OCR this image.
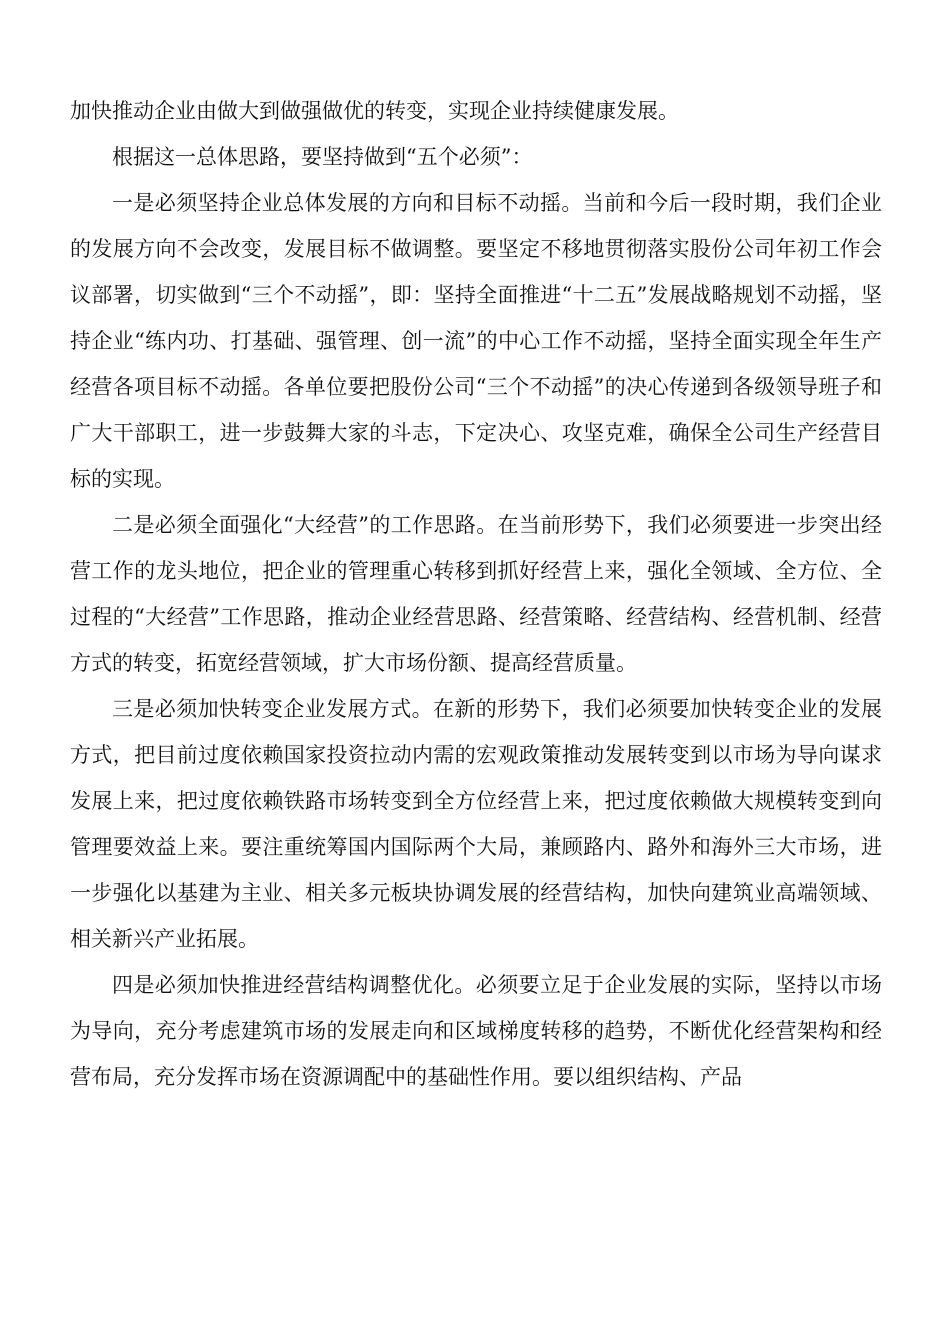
加快推动企业由做大到做强做优的转变，实现企业持续健康发展。

根据这一总体思路，要坚持做到“五个必须”：

一是必须坚持企业总体发展的方向和目标不动摇。当前和今后一段时期，我们企业的发展方向不会改变，发展目标不做调整。要坚定不移地贯彻落实股份公司年初工作会议部署，切实做到“三个不动摇”，即：坚持全面推进“十二五”发展战略规划不动摇，坚持企业“练内功、打基础、强管理、创一流”的中心工作不动摇，坚持全面实现全年生产经营各项目标不动摇。各单位要把股份公司“三个不动摇”的决心传递到各级领导班子和广大干部职工，进一步鼓舞大家的斗志，下定决心、攻坚克难，确保全公司生产经营目标的实现。

二是必须全面强化“大经营”的工作思路。在当前形势下，我们必须要进一步突出经营工作的龙头地位，把企业的管理重心转移到抓好经营上来，强化全领域、全方位、全过程的“大经营”工作思路，推动企业经营思路、经营策略、经营结构、经营机制、经营方式的转变，拓宽经营领域，扩大市场份额、提高经营质量。

三是必须加快转变企业发展方式。在新的形势下，我们必须要加快转变企业的发展方式，把目前过度依赖国家投资拉动内需的宏观政策推动发展转变到以市场为导向谋求发展上来，把过度依赖铁路市场转变到全方位经营上来，把过度依赖做大规模转变到向管理要效益上来。要注重统筹国内国际两个大局，兼顾路内、路外和海外三大市场，进一步强化以基建为主业、相关多元板块协调发展的经营结构，加快向建筑业高端领域、相关新兴产业拓展。

四是必须加快推进经营结构调整优化。必须要立足于企业发展的实际，坚持以市场为导向，充分考虑建筑市场的发展走向和区域梯度转移的趋势，不断优化经营架构和经营布局，充分发挥市场在资源调配中的基础性作用。要以组织结构、产品
